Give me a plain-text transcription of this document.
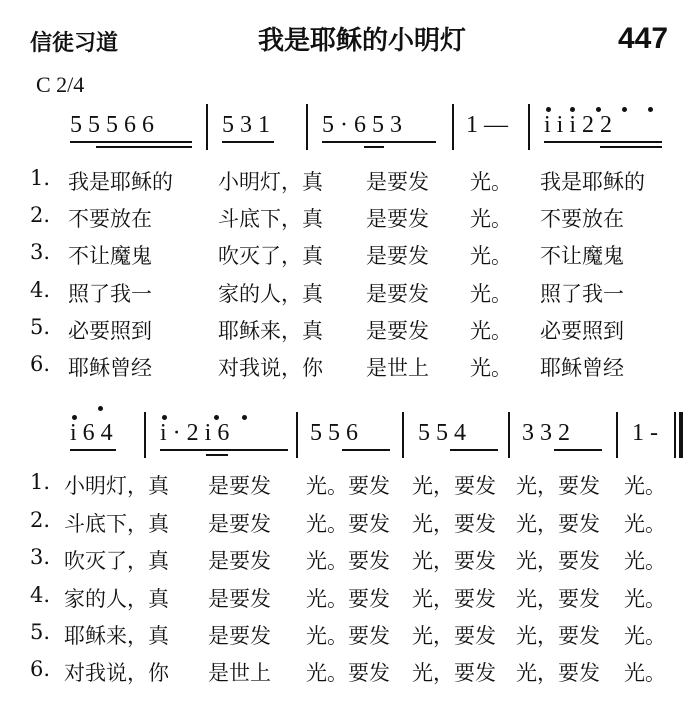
信徒习道	我是耶稣的小明灯	447
C 2/4
5 5 5 6 6	5 3 1 5 · 6 5 3	1 — i i i 2 2
1. 我是耶稣的 小明灯，真 是要发 光。 我是耶稣的
2. 不要放在	斗底下，真 是要发 光。 不要放在
3. 不让魔鬼	吹灭了，真 是要发 光。 不让魔鬼
4. 照了我一	家的人，真 是要发 光。 照了我一
5. 必要照到	耶稣来，真 是要发 光。 必要照到
6. 耶稣曾经	对我说，你 是世上 光。 耶稣曾经
i 6 4 i · 2 i 6	5 5 6	5 5 4 3 3 2	1 -
1. 小明灯，真 是要发 光。要发 光，要发 光，要发 光。
2. 斗底下，真 是要发 光。要发 光，要发 光，要发 光。
3. 吹灭了，真 是要发 光。要发 光，要发 光，要发 光。
4. 家的人，真 是要发 光。要发 光，要发 光，要发 光。
5. 耶稣来，真 是要发 光。要发 光，要发 光，要发 光。
6. 对我说，你 是世上 光。要发 光，要发 光，要发 光。
